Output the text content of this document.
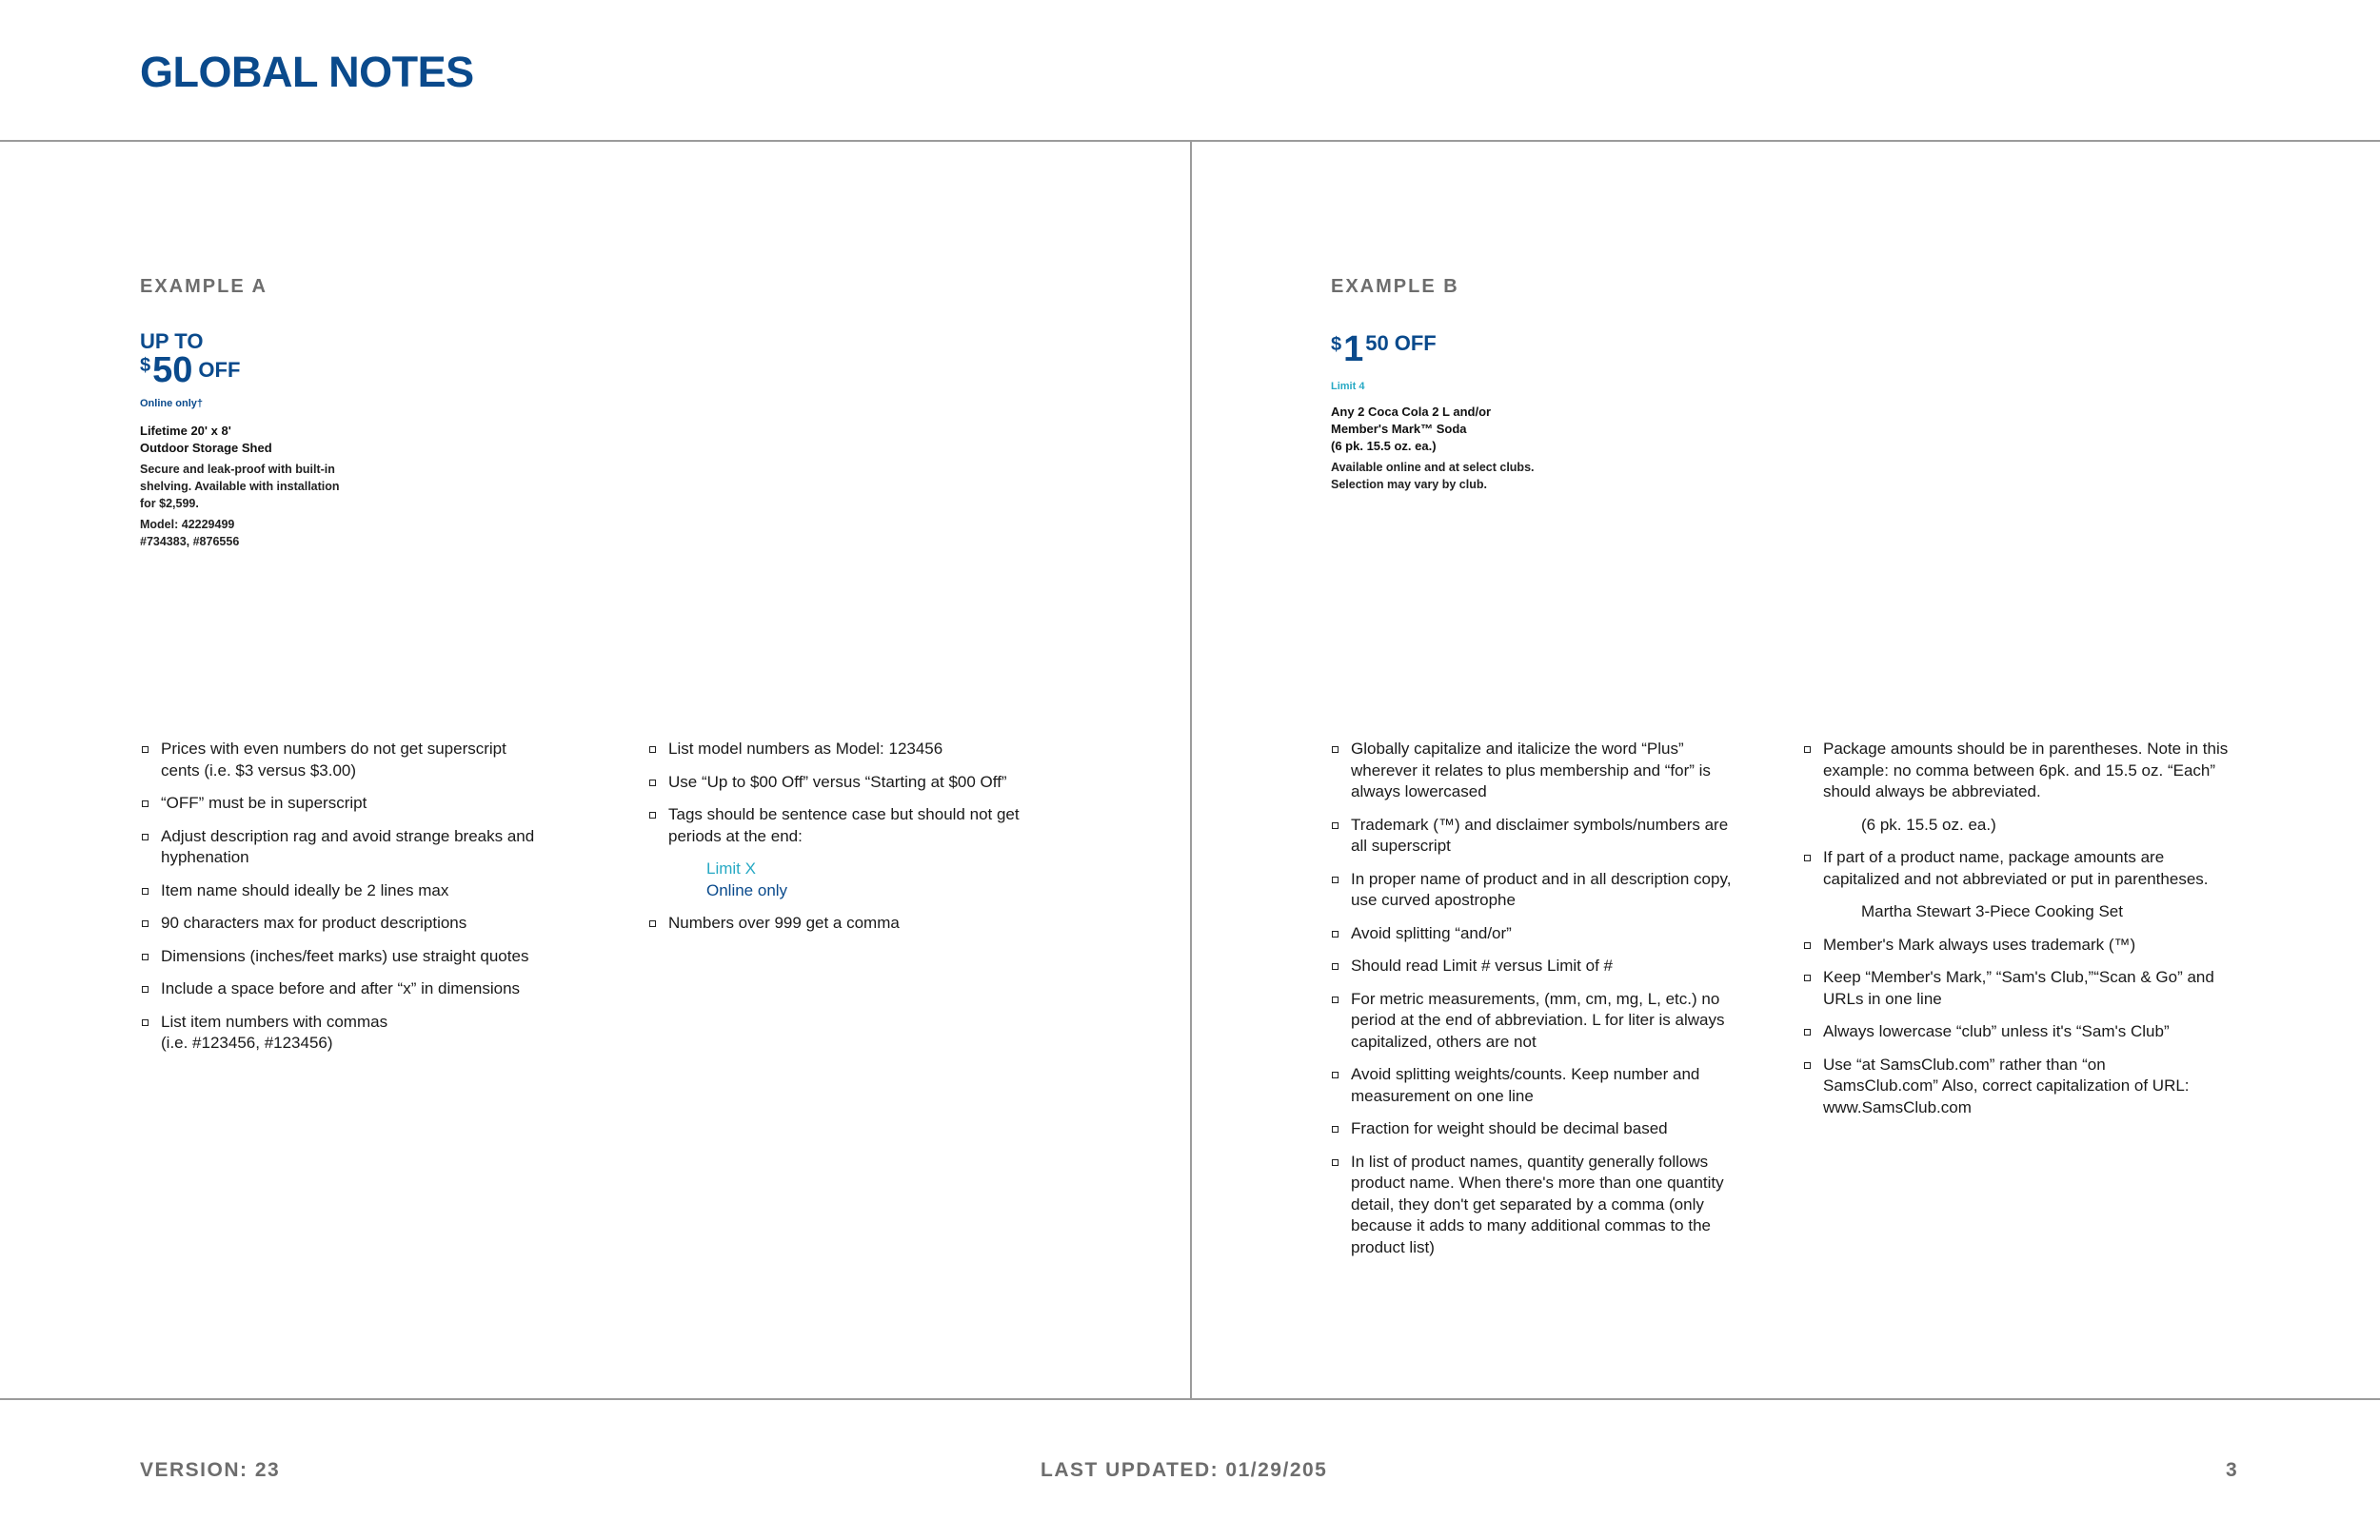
GLOBAL NOTES
EXAMPLE A
UP TO
$ 50 OFF
Online only†
Lifetime 20' x 8'
Outdoor Storage Shed
Secure and leak-proof with built-in
shelving. Available with installation
for $2,599.
Model: 42229499
#734383, #876556
EXAMPLE B
$ 1 50 OFF
Limit 4
Any 2 Coca Cola 2 L and/or
Member's Mark™ Soda
(6 pk. 15.5 oz. ea.)
Available online and at select clubs.
Selection may vary by club.
Prices with even numbers do not get superscript cents (i.e. $3 versus $3.00)
“OFF” must be in superscript
Adjust description rag and avoid strange breaks and hyphenation
Item name should ideally be 2 lines max
90 characters max for product descriptions
Dimensions (inches/feet marks) use straight quotes
Include a space before and after “x” in dimensions
List item numbers with commas (i.e. #123456, #123456)
List model numbers as Model: 123456
Use “Up to $00 Off” versus “Starting at $00 Off”
Tags should be sentence case but should not get periods at the end:
Limit X
Online only
Numbers over 999 get a comma
Globally capitalize and italicize the word “Plus” wherever it relates to plus membership and “for” is always lowercased
Trademark (™) and disclaimer symbols/numbers are all superscript
In proper name of product and in all description copy, use curved apostrophe
Avoid splitting “and/or”
Should read Limit # versus Limit of #
For metric measurements, (mm, cm, mg, L, etc.) no period at the end of abbreviation. L for liter is always capitalized, others are not
Avoid splitting weights/counts. Keep number and measurement on one line
Fraction for weight should be decimal based
In list of product names, quantity generally follows product name. When there's more than one quantity detail, they don't get separated by a comma (only because it adds to many additional commas to the product list)
Package amounts should be in parentheses. Note in this example: no comma between 6pk. and 15.5 oz. “Each” should always be abbreviated.
(6 pk. 15.5 oz. ea.)
If part of a product name, package amounts are capitalized and not abbreviated or put in parentheses.
Martha Stewart 3-Piece Cooking Set
Member's Mark always uses trademark (™)
Keep “Member's Mark,” “Sam's Club,”“Scan & Go” and URLs in one line
Always lowercase “club” unless it's “Sam's Club”
Use “at SamsClub.com” rather than “on SamsClub.com” Also, correct capitalization of URL: www.SamsClub.com
VERSION: 23	LAST UPDATED: 01/29/205	3
